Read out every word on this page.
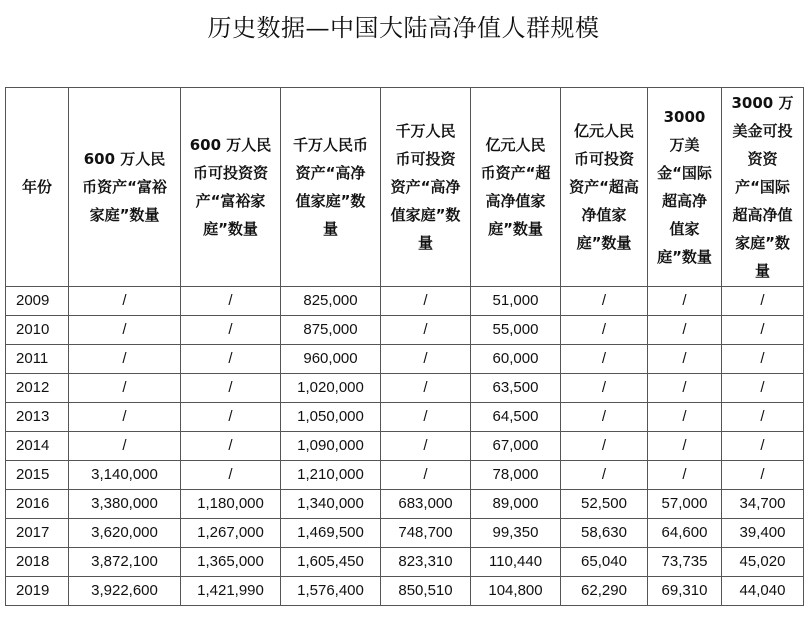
历史数据—中国大陆高净值人群规模
年份	600 万人民币资产“富裕家庭”数量	600 万人民币可投资资产“富裕家庭”数量	千万人民币资产“高净值家庭”数量	千万人民币可投资资产“高净值家庭”数量	亿元人民币资产“超高净值家庭”数量	亿元人民币可投资资产“超高净值家庭”数量	3000 万美金“国际超高净值家庭”数量	3000 万美金可投资资产“国际超高净值家庭”数量
2009	/	/	825,000	/	51,000	/	/	/
2010	/	/	875,000	/	55,000	/	/	/
2011	/	/	960,000	/	60,000	/	/	/
2012	/	/	1,020,000	/	63,500	/	/	/
2013	/	/	1,050,000	/	64,500	/	/	/
2014	/	/	1,090,000	/	67,000	/	/	/
2015	3,140,000	/	1,210,000	/	78,000	/	/	/
2016	3,380,000	1,180,000	1,340,000	683,000	89,000	52,500	57,000	34,700
2017	3,620,000	1,267,000	1,469,500	748,700	99,350	58,630	64,600	39,400
2018	3,872,100	1,365,000	1,605,450	823,310	110,440	65,040	73,735	45,020
2019	3,922,600	1,421,990	1,576,400	850,510	104,800	62,290	69,310	44,040
